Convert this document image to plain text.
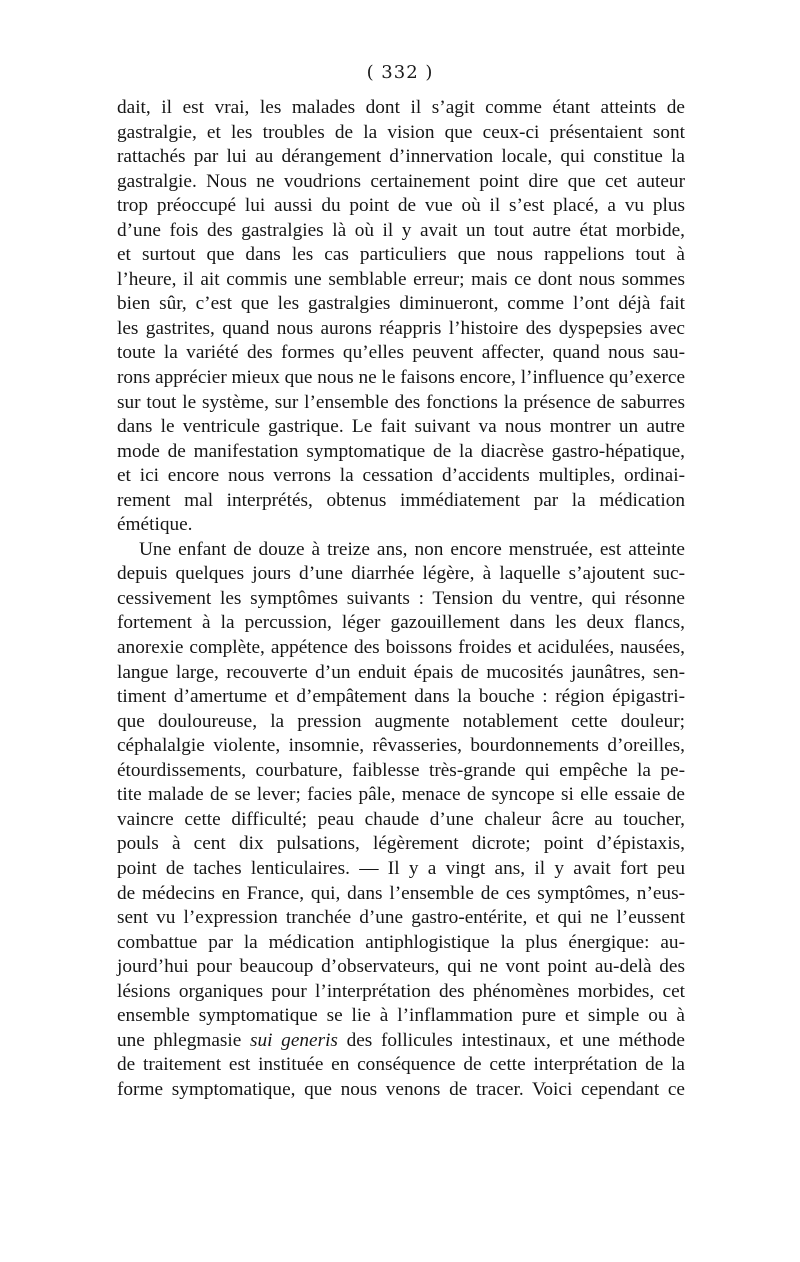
( 332 )
dait, il est vrai, les malades dont il s’agit comme étant atteints de
gastralgie, et les troubles de la vision que ceux-ci présentaient sont
rattachés par lui au dérangement d’innervation locale, qui constitue la
gastralgie. Nous ne voudrions certainement point dire que cet auteur
trop préoccupé lui aussi du point de vue où il s’est placé, a vu plus
d’une fois des gastralgies là où il y avait un tout autre état morbide,
et surtout que dans les cas particuliers que nous rappelions tout à
l’heure, il ait commis une semblable erreur; mais ce dont nous sommes
bien sûr, c’est que les gastralgies diminueront, comme l’ont déjà fait
les gastrites, quand nous aurons réappris l’histoire des dyspepsies avec
toute la variété des formes qu’elles peuvent affecter, quand nous sau-
rons apprécier mieux que nous ne le faisons encore, l’influence qu’exerce
sur tout le système, sur l’ensemble des fonctions la présence de saburres
dans le ventricule gastrique. Le fait suivant va nous montrer un autre
mode de manifestation symptomatique de la diacrèse gastro-hépatique,
et ici encore nous verrons la cessation d’accidents multiples, ordinai-
rement mal interprétés, obtenus immédiatement par la médication
émétique.
Une enfant de douze à treize ans, non encore menstruée, est atteinte
depuis quelques jours d’une diarrhée légère, à laquelle s’ajoutent suc-
cessivement les symptômes suivants : Tension du ventre, qui résonne
fortement à la percussion, léger gazouillement dans les deux flancs,
anorexie complète, appétence des boissons froides et acidulées, nausées,
langue large, recouverte d’un enduit épais de mucosités jaunâtres, sen-
timent d’amertume et d’empâtement dans la bouche : région épigastri-
que douloureuse, la pression augmente notablement cette douleur;
céphalalgie violente, insomnie, rêvasseries, bourdonnements d’oreilles,
étourdissements, courbature, faiblesse très-grande qui empêche la pe-
tite malade de se lever; facies pâle, menace de syncope si elle essaie de
vaincre cette difficulté; peau chaude d’une chaleur âcre au toucher,
pouls à cent dix pulsations, légèrement dicrote; point d’épistaxis,
point de taches lenticulaires. — Il y a vingt ans, il y avait fort peu
de médecins en France, qui, dans l’ensemble de ces symptômes, n’eus-
sent vu l’expression tranchée d’une gastro-entérite, et qui ne l’eussent
combattue par la médication antiphlogistique la plus énergique: au-
jourd’hui pour beaucoup d’observateurs, qui ne vont point au-delà des
lésions organiques pour l’interprétation des phénomènes morbides, cet
ensemble symptomatique se lie à l’inflammation pure et simple ou à
une phlegmasie sui generis des follicules intestinaux, et une méthode
de traitement est instituée en conséquence de cette interprétation de la
forme symptomatique, que nous venons de tracer. Voici cependant ce
